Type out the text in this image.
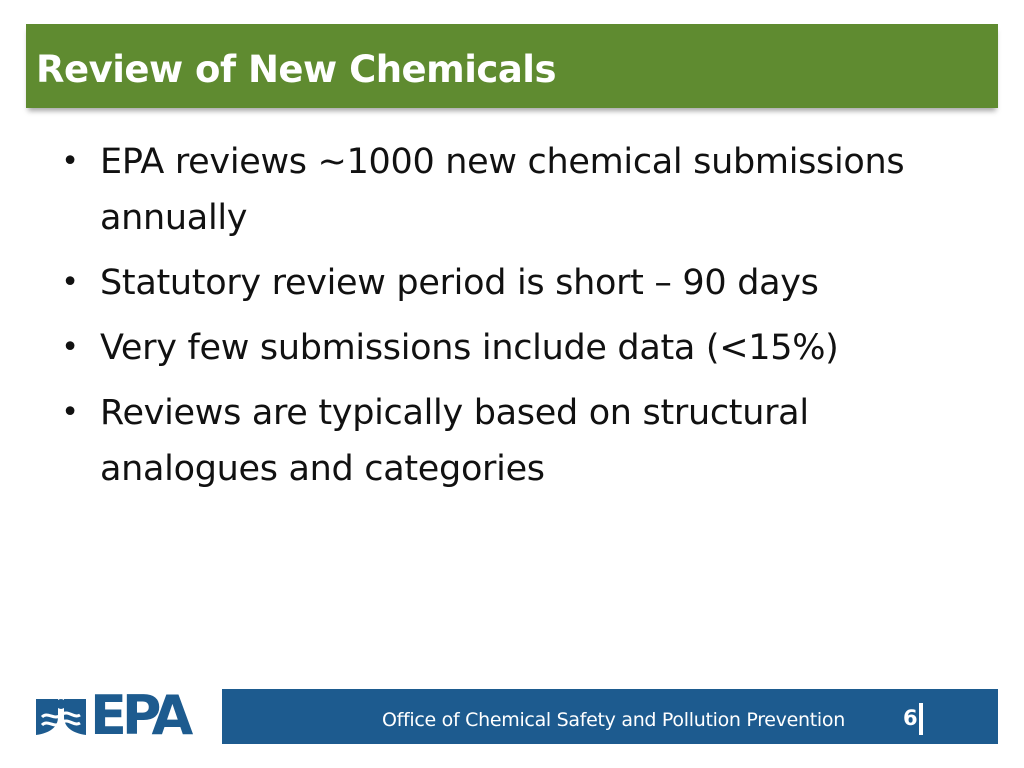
Review of New Chemicals
• EPA reviews ~1000 new chemical submissions annually
• Statutory review period is short – 90 days
• Very few submissions include data (<15%)
• Reviews are typically based on structural analogues and categories
EPA	Office of Chemical Safety and Pollution Prevention	6
